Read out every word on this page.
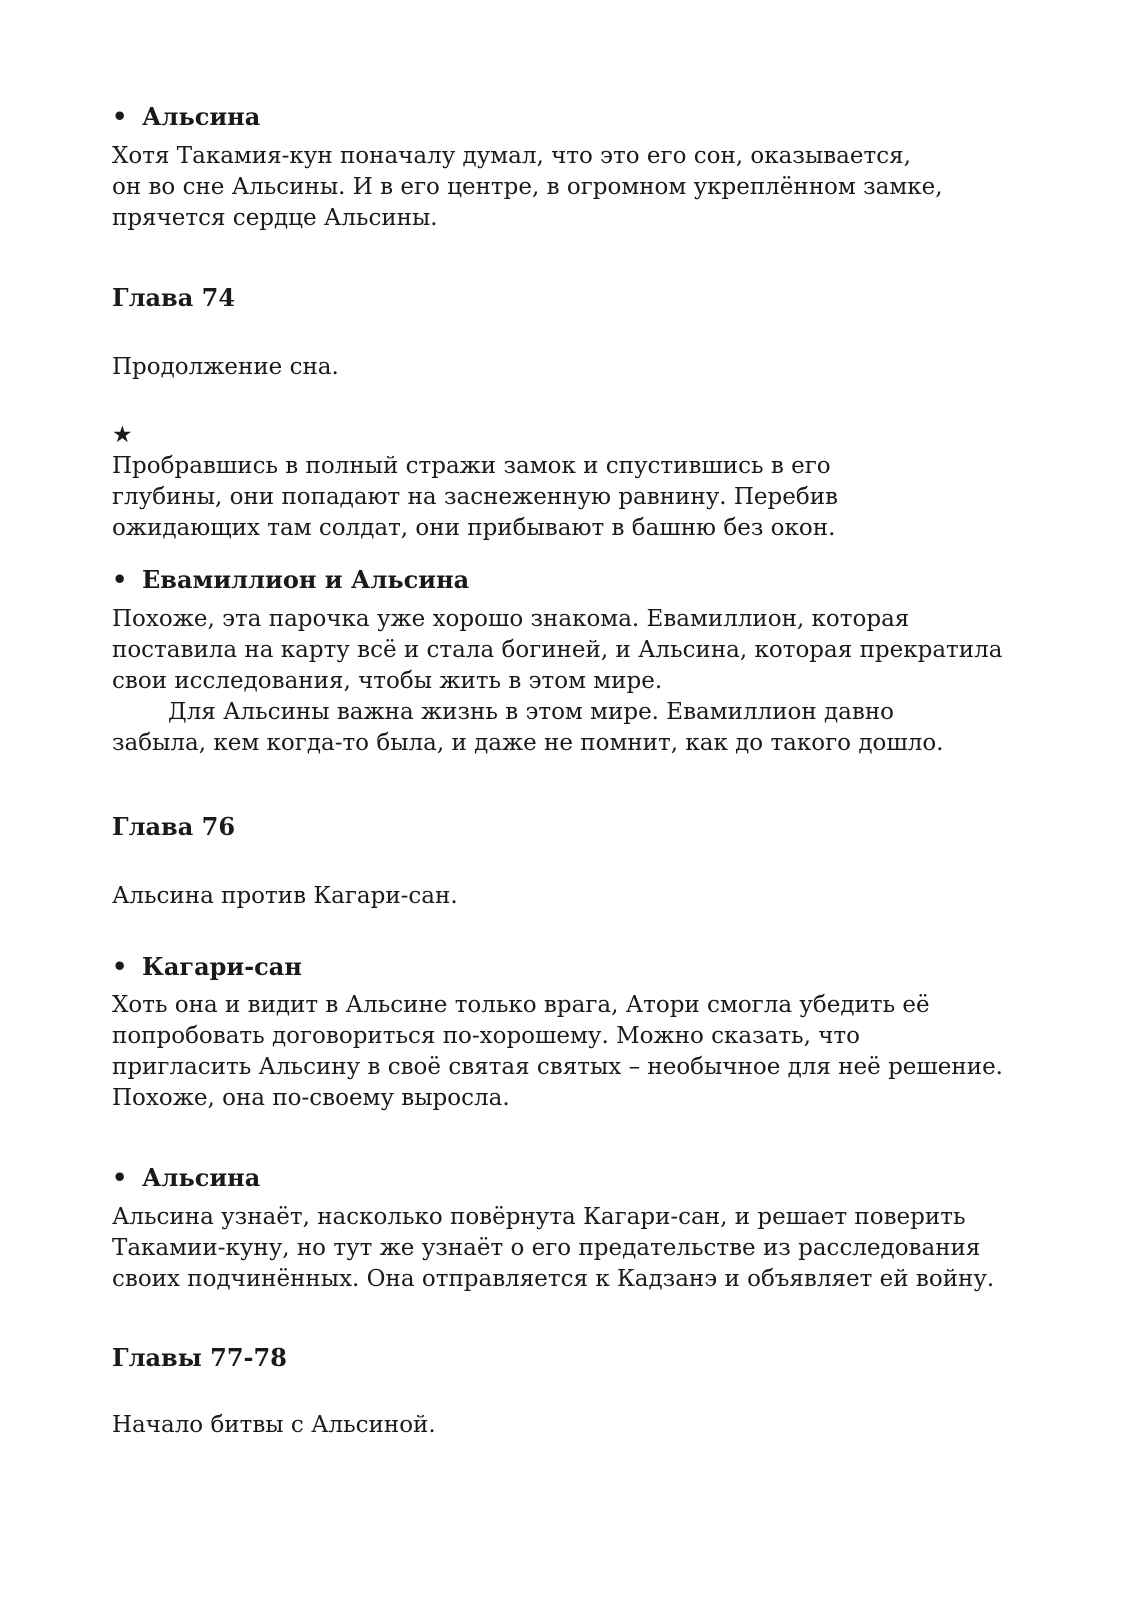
• Альсина
Хотя Такамия-кун поначалу думал, что это его сон, оказывается,
он во сне Альсины. И в его центре, в огромном укреплённом замке,
прячется сердце Альсины.
Глава 74
Продолжение сна.
★
Пробравшись в полный стражи замок и спустившись в его
глубины, они попадают на заснеженную равнину. Перебив
ожидающих там солдат, они прибывают в башню без окон.
• Евамиллион и Альсина
Похоже, эта парочка уже хорошо знакома. Евамиллион, которая
поставила на карту всё и стала богиней, и Альсина, которая прекратила
свои исследования, чтобы жить в этом мире.
Для Альсины важна жизнь в этом мире. Евамиллион давно
забыла, кем когда-то была, и даже не помнит, как до такого дошло.
Глава 76
Альсина против Кагари-сан.
• Кагари-сан
Хоть она и видит в Альсине только врага, Атори смогла убедить её
попробовать договориться по-хорошему. Можно сказать, что
пригласить Альсину в своё святая святых – необычное для неё решение.
Похоже, она по-своему выросла.
• Альсина
Альсина узнаёт, насколько повёрнута Кагари-сан, и решает поверить
Такамии-куну, но тут же узнаёт о его предательстве из расследования
своих подчинённых. Она отправляется к Кадзанэ и объявляет ей войну.
Главы 77-78
Начало битвы с Альсиной.
